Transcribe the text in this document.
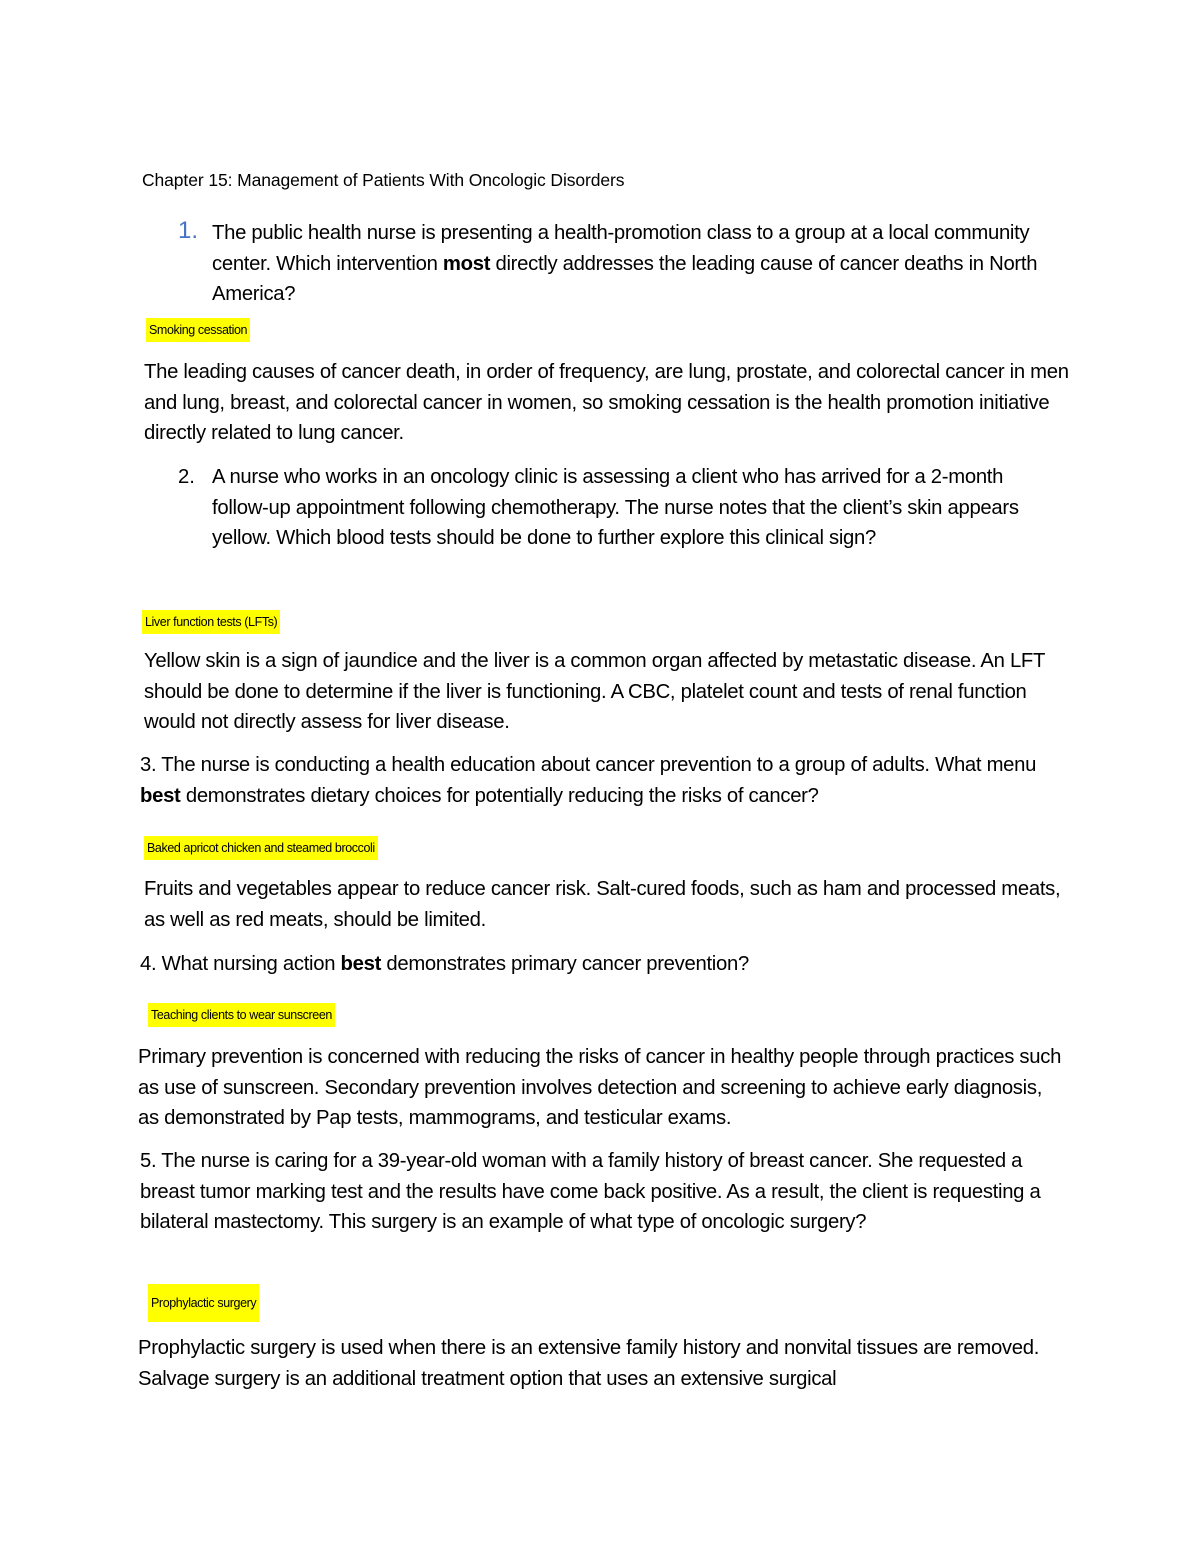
Chapter 15: Management of Patients With Oncologic Disorders
1. The public health nurse is presenting a health-promotion class to a group at a local community center. Which intervention most directly addresses the leading cause of cancer deaths in North America?

Smoking cessation

The leading causes of cancer death, in order of frequency, are lung, prostate, and colorectal cancer in men and lung, breast, and colorectal cancer in women, so smoking cessation is the health promotion initiative directly related to lung cancer.

2. A nurse who works in an oncology clinic is assessing a client who has arrived for a 2-month follow-up appointment following chemotherapy. The nurse notes that the client’s skin appears yellow. Which blood tests should be done to further explore this clinical sign?

Liver function tests (LFTs)

Yellow skin is a sign of jaundice and the liver is a common organ affected by metastatic disease. An LFT should be done to determine if the liver is functioning. A CBC, platelet count and tests of renal function would not directly assess for liver disease.

3. The nurse is conducting a health education about cancer prevention to a group of adults. What menu best demonstrates dietary choices for potentially reducing the risks of cancer?

Baked apricot chicken and steamed broccoli

Fruits and vegetables appear to reduce cancer risk. Salt-cured foods, such as ham and processed meats, as well as red meats, should be limited.

4. What nursing action best demonstrates primary cancer prevention?

Teaching clients to wear sunscreen

Primary prevention is concerned with reducing the risks of cancer in healthy people through practices such as use of sunscreen. Secondary prevention involves detection and screening to achieve early diagnosis, as demonstrated by Pap tests, mammograms, and testicular exams.

5. The nurse is caring for a 39-year-old woman with a family history of breast cancer. She requested a breast tumor marking test and the results have come back positive. As a result, the client is requesting a bilateral mastectomy. This surgery is an example of what type of oncologic surgery?

Prophylactic surgery

Prophylactic surgery is used when there is an extensive family history and nonvital tissues are removed. Salvage surgery is an additional treatment option that uses an extensive surgical
